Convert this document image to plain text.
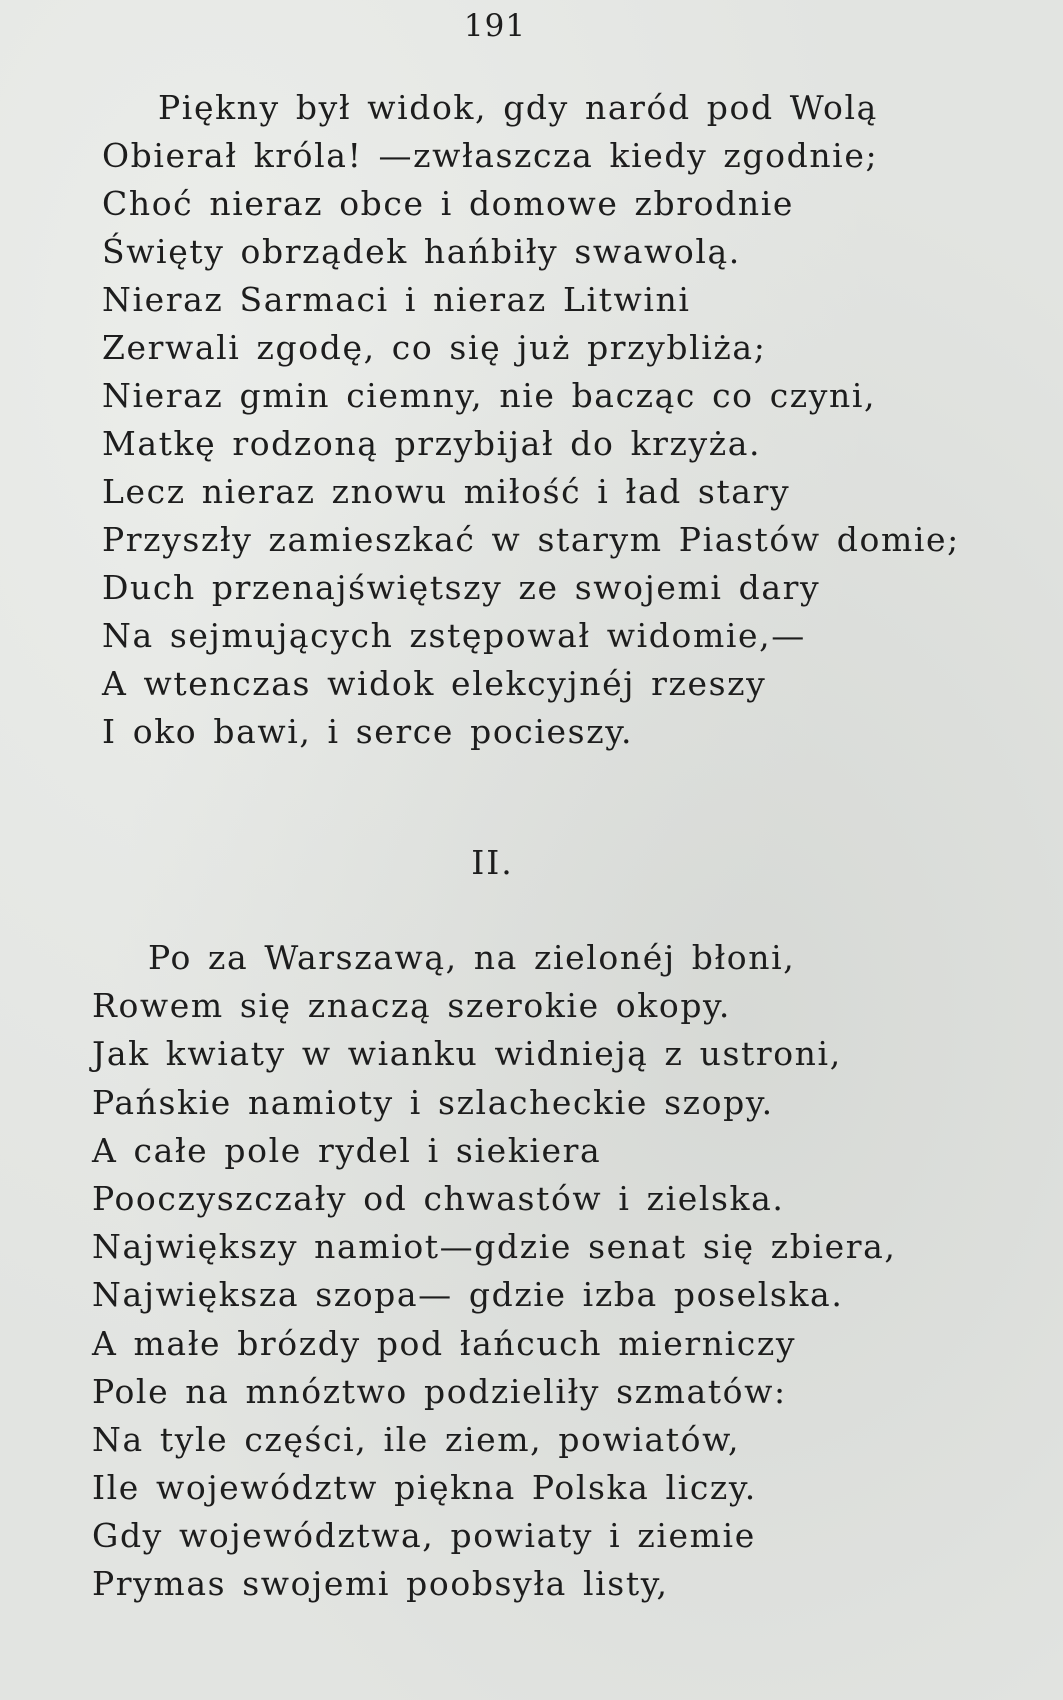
191
Piękny był widok, gdy naród pod Wolą
Obierał króla! —zwłaszcza kiedy zgodnie;
Choć nieraz obce i domowe zbrodnie
Święty obrządek hańbiły swawolą.
Nieraz Sarmaci i nieraz Litwini
Zerwali zgodę, co się już przybliża;
Nieraz gmin ciemny, nie bacząc co czyni,
Matkę rodzoną przybijał do krzyża.
Lecz nieraz znowu miłość i ład stary
Przyszły zamieszkać w starym Piastów domie;
Duch przenajświętszy ze swojemi dary
Na sejmujących zstępował widomie,—
A wtenczas widok elekcyjnéj rzeszy
I oko bawi, i serce pocieszy.
II.
Po za Warszawą, na zielonéj błoni,
Rowem się znaczą szerokie okopy.
Jak kwiaty w wianku widnieją z ustroni,
Pańskie namioty i szlacheckie szopy.
A całe pole rydel i siekiera
Pooczyszczały od chwastów i zielska.
Największy namiot—gdzie senat się zbiera,
Największa szopa— gdzie izba poselska.
A małe brózdy pod łańcuch mierniczy
Pole na mnóztwo podzieliły szmatów:
Na tyle części, ile ziem, powiatów,
Ile województw piękna Polska liczy.
Gdy województwa, powiaty i ziemie
Prymas swojemi poobsyła listy,
